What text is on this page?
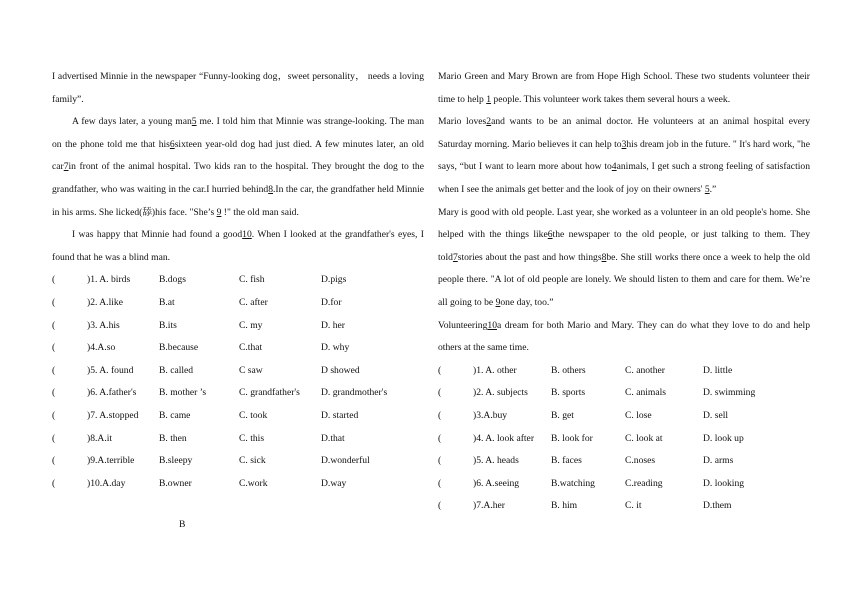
I advertised Minnie in the newspaper “Funny-looking dog，sweet personality， needs a loving family”.

A few days later, a young man5 me. I told him that Minnie was strange-looking. The man on the phone told me that his6sixteen year-old dog had just died. A few minutes later, an old car7in front of the animal hospital. Two kids ran to the hospital. They brought the dog to the grandfather, who was waiting in the car.I hurried behind8.In the car, the grandfather held Minnie in his arms. She licked(舔)his face. "She’s 9 !" the old man said.

I was happy that Minnie had found a good10. When I looked at the grandfather's eyes, I found that he was a blind man.

(	)1. A. birds	B.dogs	C. fish	D.pigs
(	)2. A.like	B.at	C. after	D.for
(	)3. A.his	B.its	C. my	D. her
(	)4.A.so	B.because	C.that	D. why
(	)5. A. found	B. called	C saw	D showed
(	)6. A.father's	B. mother ’s	C. grandfather's	D. grandmother's
(	)7. A.stopped	B. came	C. took	D. started
(	)8.A.it	B. then	C. this	D.that
(	)9.A.terrible	B.sleepy	C. sick	D.wonderful
(	)10.A.day	B.owner	C.work	D.way
B

Mario Green and Mary Brown are from Hope High School. These two students volunteer their time to help 1 people. This volunteer work takes them several hours a week.

Mario loves2and wants to be an animal doctor. He volunteers at an animal hospital every Saturday morning. Mario believes it can help to3his dream job in the future. " It's hard work, "he says, “but I want to learn more about how to4animals, I get such a strong feeling of satisfaction when I see the animals get better and the look of joy on their owners' 5.”

Mary is good with old people. Last year, she worked as a volunteer in an old people's home. She helped with the things like6the newspaper to the old people, or just talking to them. They told7stories about the past and how things8be. She still works there once a week to help the old people there. "A lot of old people are lonely. We should listen to them and care for them. We’re all going to be 9one day, too.”

Volunteering10a dream for both Mario and Mary. They can do what they love to do and help others at the same time.

(	)1. A. other	B. others	C. another	D. little
(	)2. A. subjects	B. sports	C. animals	D. swimming
(	)3.A.buy	B. get	C. lose	D. sell
(	)4. A. look after	B. look for	C. look at	D. look up
(	)5. A. heads	B. faces	C.noses	D. arms
(	)6. A.seeing	B.watching	C.reading	D. looking
(	)7.A.her	B. him	C. it	D.them
